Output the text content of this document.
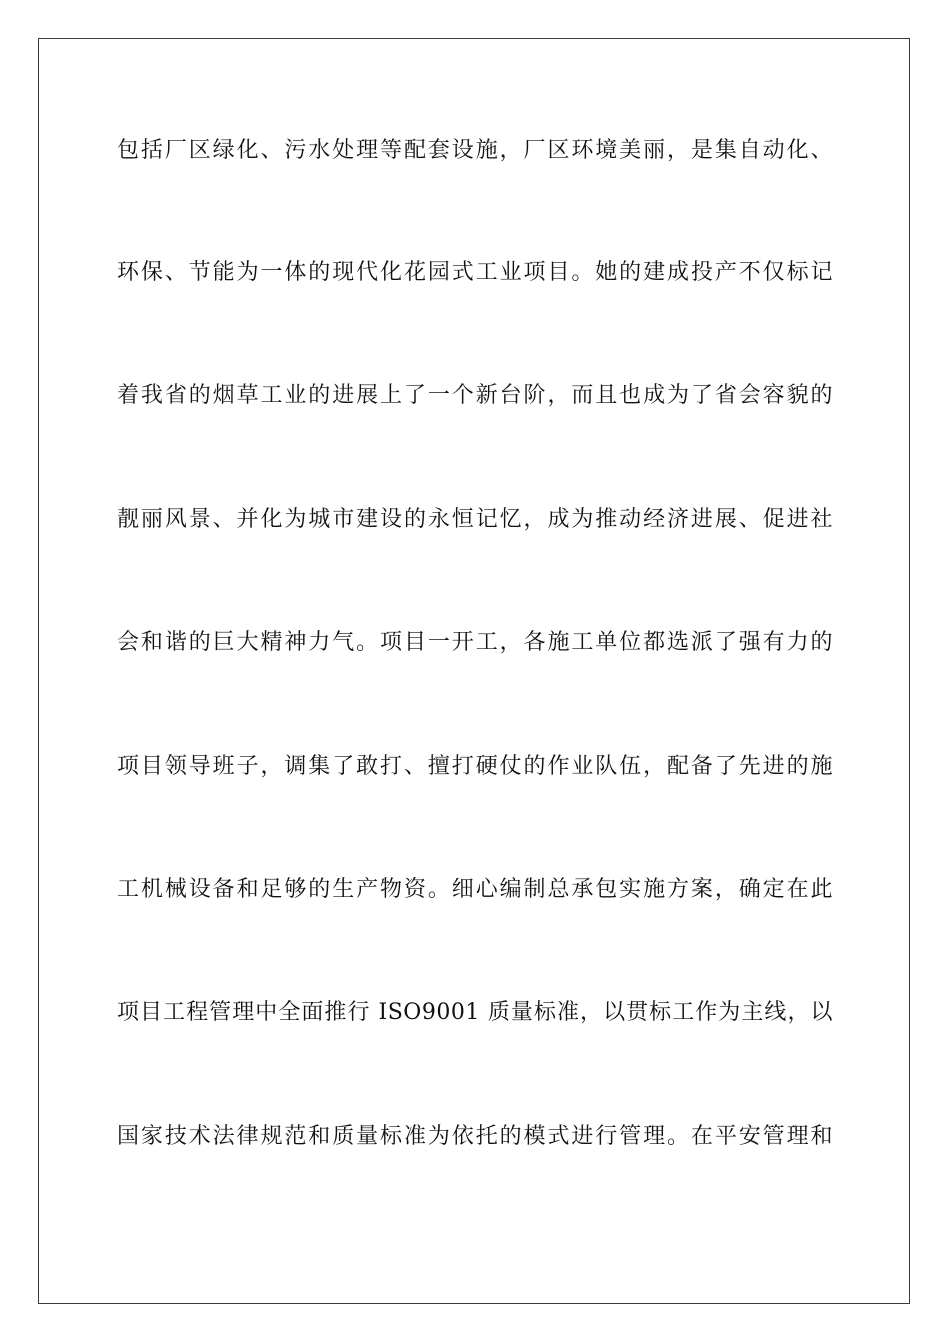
包括厂区绿化、污水处理等配套设施，厂区环境美丽，是集自动化、
环保、节能为一体的现代化花园式工业项目。她的建成投产不仅标记
着我省的烟草工业的进展上了一个新台阶，而且也成为了省会容貌的
靓丽风景、并化为城市建设的永恒记忆，成为推动经济进展、促进社
会和谐的巨大精神力气。项目一开工，各施工单位都选派了强有力的
项目领导班子，调集了敢打、擅打硬仗的作业队伍，配备了先进的施
工机械设备和足够的生产物资。细心编制总承包实施方案，确定在此
项目工程管理中全面推行 ISO9001 质量标准，以贯标工作为主线，以
国家技术法律规范和质量标准为依托的模式进行管理。在平安管理和
